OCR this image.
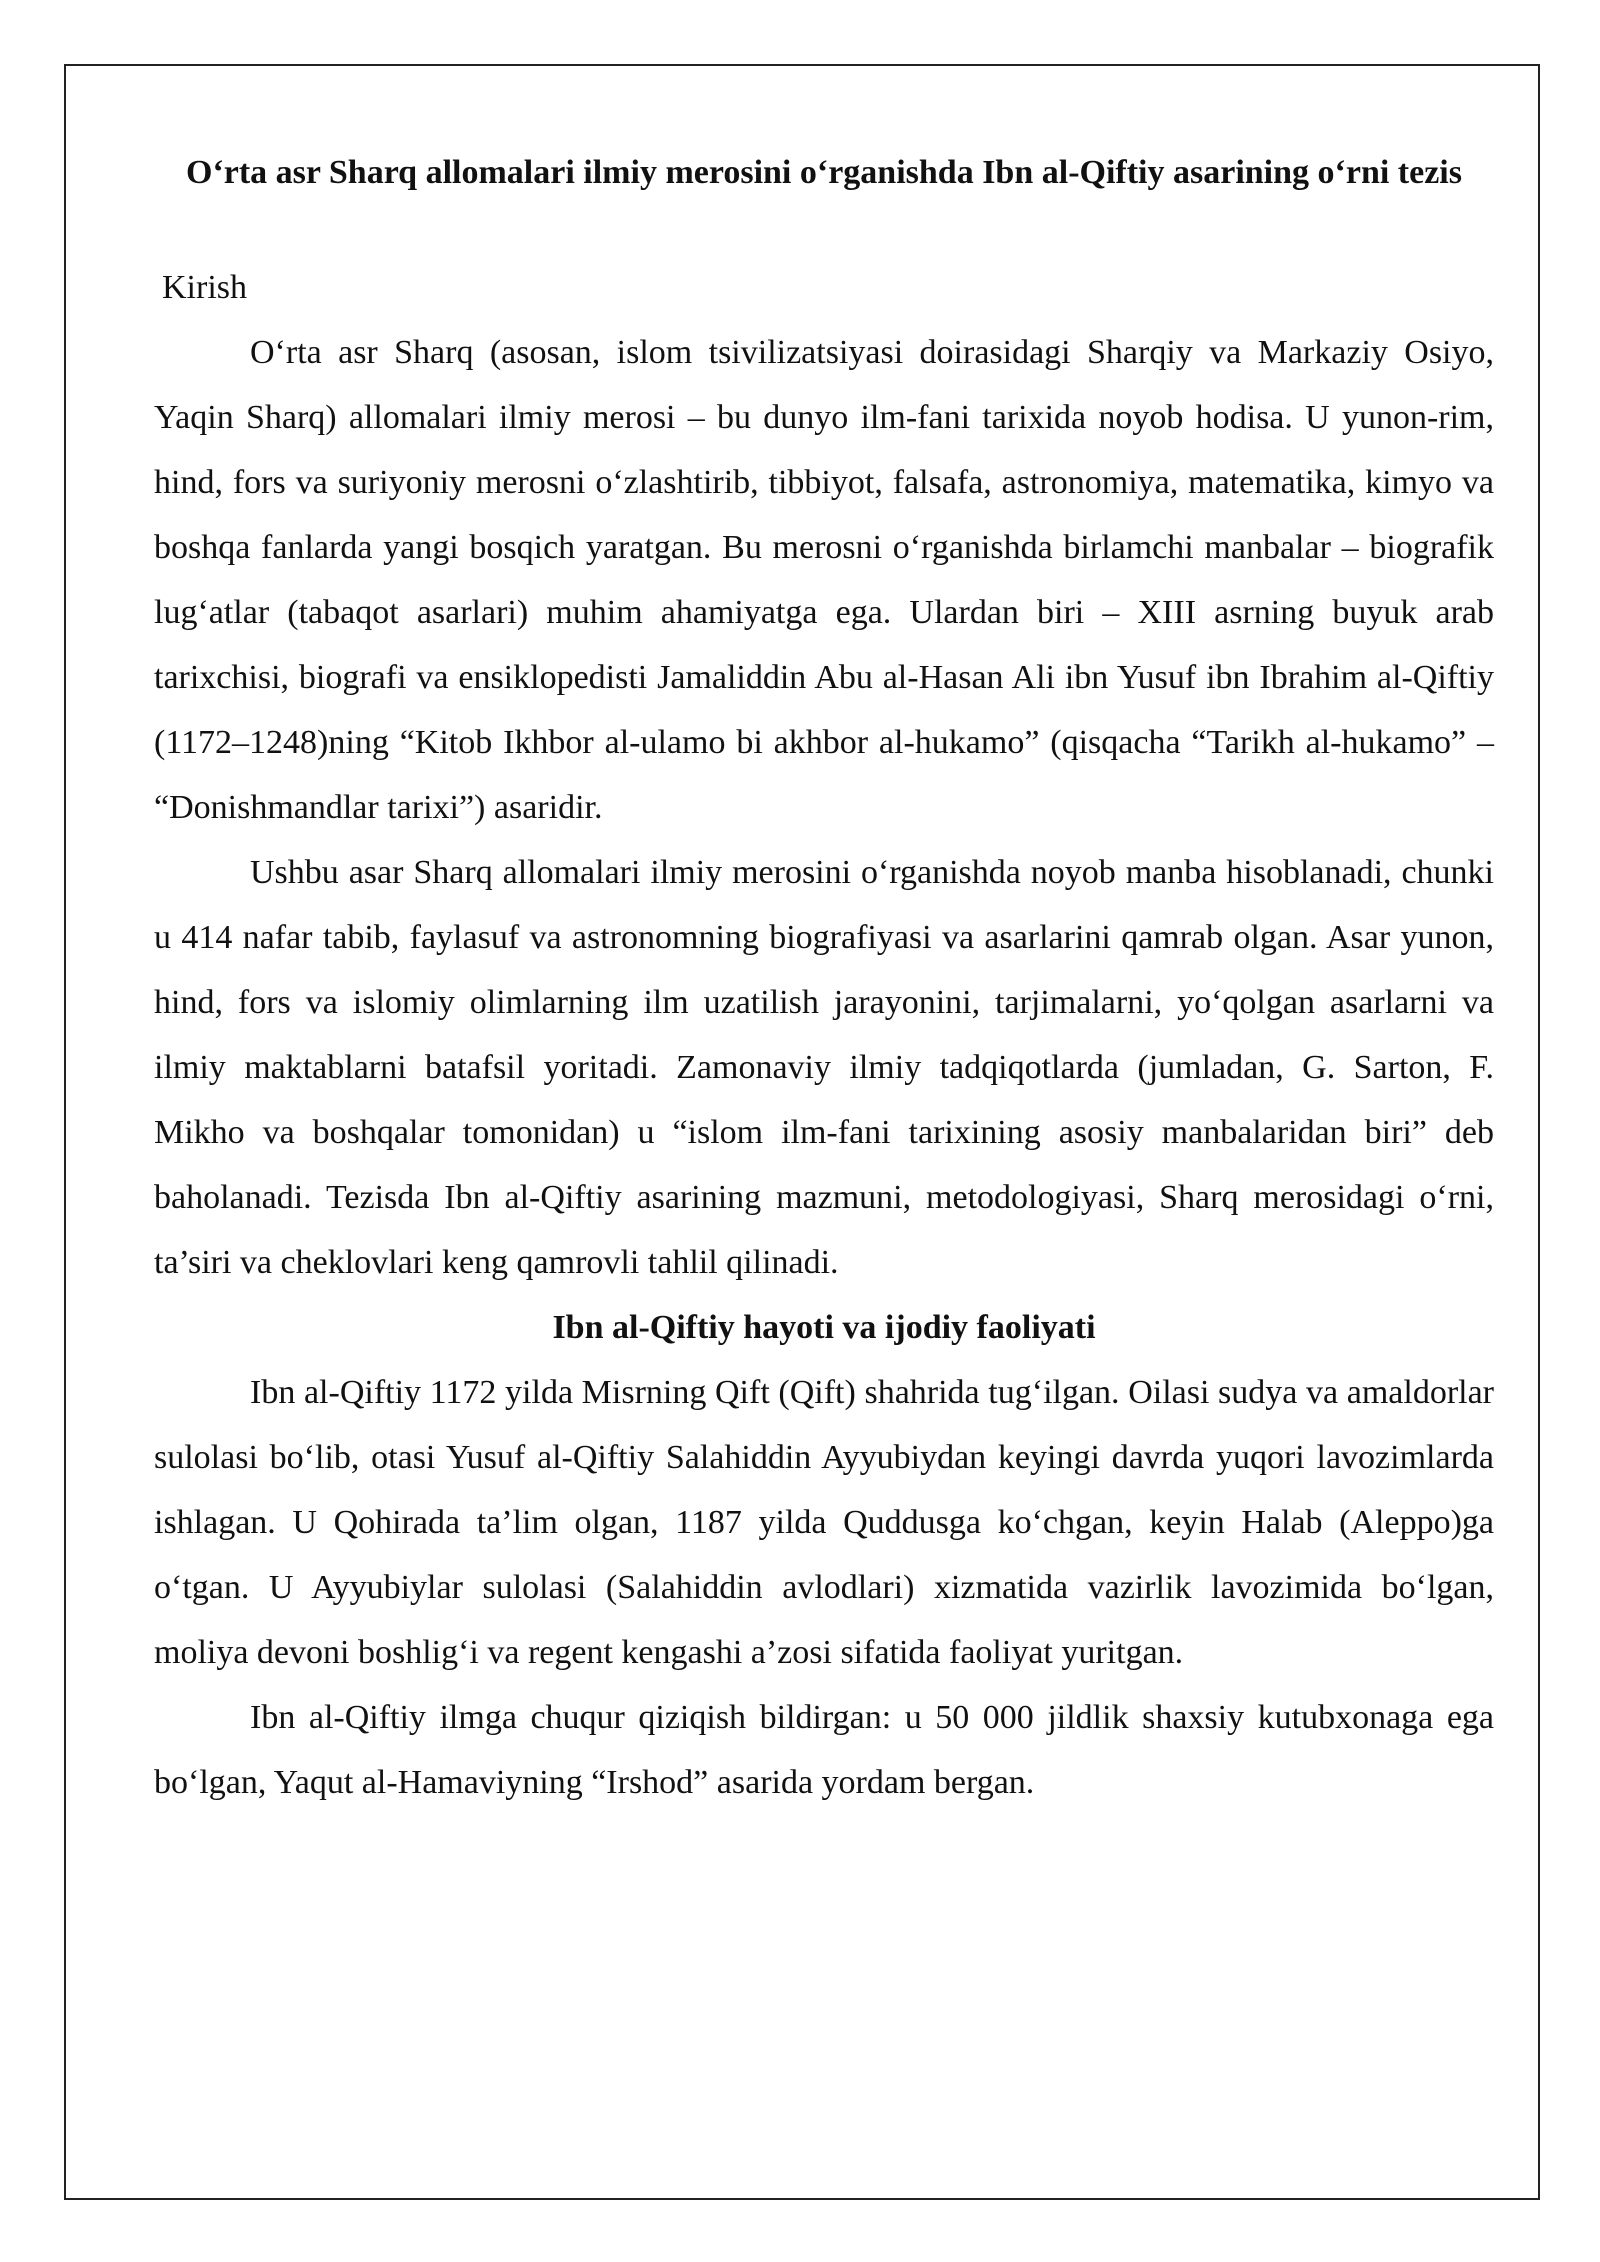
O‘rta asr Sharq allomalari ilmiy merosini o‘rganishda Ibn al-Qiftiy asarining o‘rni tezis
Kirish

O‘rta asr Sharq (asosan, islom tsivilizatsiyasi doirasidagi Sharqiy va Markaziy Osiyo, Yaqin Sharq) allomalari ilmiy merosi – bu dunyo ilm-fani tarixida noyob hodisa. U yunon-rim, hind, fors va suriyoniy merosni o‘zlashtirib, tibbiyot, falsafa, astronomiya, matematika, kimyo va boshqa fanlarda yangi bosqich yaratgan. Bu merosni o‘rganishda birlamchi manbalar – biografik lug‘atlar (tabaqot asarlari) muhim ahamiyatga ega. Ulardan biri – XIII asrning buyuk arab tarixchisi, biografi va ensiklopedisti Jamaliddin Abu al-Hasan Ali ibn Yusuf ibn Ibrahim al-Qiftiy (1172–1248)ning “Kitob Ikhbor al-ulamo bi akhbor al-hukamo” (qisqacha “Tarikh al-hukamo” – “Donishmandlar tarixi”) asaridir.

Ushbu asar Sharq allomalari ilmiy merosini o‘rganishda noyob manba hisoblanadi, chunki u 414 nafar tabib, faylasuf va astronomning biografiyasi va asarlarini qamrab olgan. Asar yunon, hind, fors va islomiy olimlarning ilm uzatilish jarayonini, tarjimalarni, yo‘qolgan asarlarni va ilmiy maktablarni batafsil yoritadi. Zamonaviy ilmiy tadqiqotlarda (jumladan, G. Sarton, F. Mikho va boshqalar tomonidan) u “islom ilm-fani tarixining asosiy manbalaridan biri” deb baholanadi. Tezisda Ibn al-Qiftiy asarining mazmuni, metodologiyasi, Sharq merosidagi o‘rni, ta’siri va cheklovlari keng qamrovli tahlil qilinadi.

Ibn al-Qiftiy hayoti va ijodiy faoliyati

Ibn al-Qiftiy 1172 yilda Misrning Qift (Qift) shahrida tug‘ilgan. Oilasi sudya va amaldorlar sulolasi bo‘lib, otasi Yusuf al-Qiftiy Salahiddin Ayyubiydan keyingi davrda yuqori lavozimlarda ishlagan. U Qohirada ta’lim olgan, 1187 yilda Quddusga ko‘chgan, keyin Halab (Aleppo)ga o‘tgan. U Ayyubiylar sulolasi (Salahiddin avlodlari) xizmatida vazirlik lavozimida bo‘lgan, moliya devoni boshlig‘i va regent kengashi a’zosi sifatida faoliyat yuritgan.

Ibn al-Qiftiy ilmga chuqur qiziqish bildirgan: u 50 000 jildlik shaxsiy kutubxonaga ega bo‘lgan, Yaqut al-Hamaviyning “Irshod” asarida yordam bergan.
